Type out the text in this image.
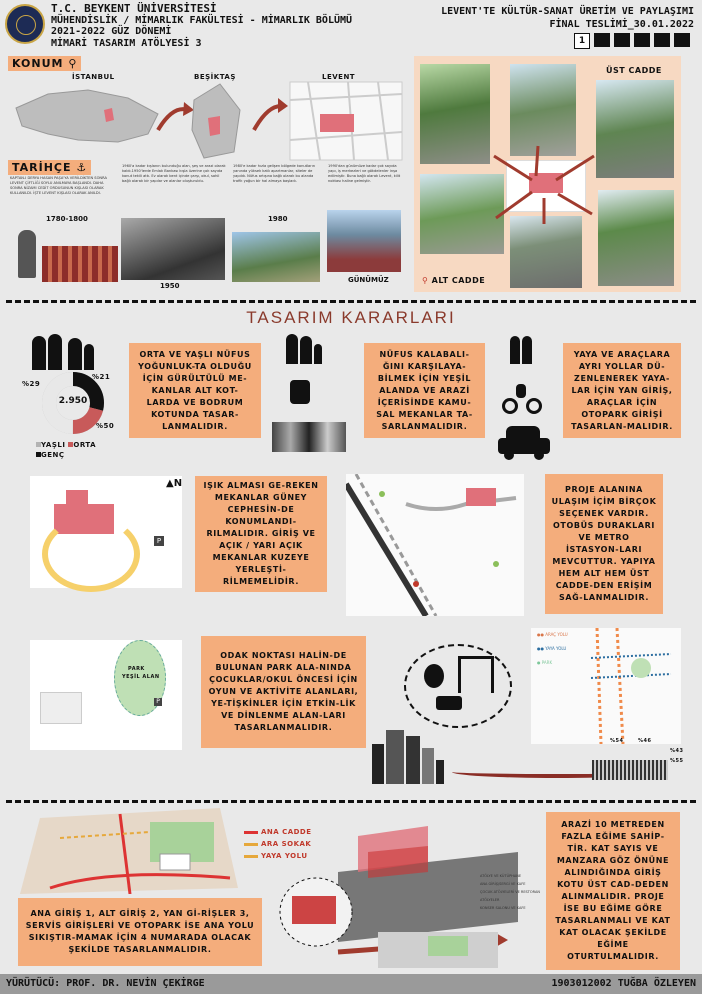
T.C. BEYKENT ÜNİVERSİTESİ
MÜHENDİSLİK / MİMARLIK FAKÜLTESİ - MİMARLIK BÖLÜMÜ
2021-2022 GÜZ DÖNEMİ
MİMARİ TASARIM ATÖLYESİ 3
LEVENT'TE KÜLTÜR-SANAT ÜRETİM VE PAYLAŞIMI
FİNAL TESLİMİ_30.01.2022
1
KONUM ⚲
İSTANBUL	BEŞİKTAŞ	LEVENT
TARİHÇE ⚓
KAPTAN-I DERYA HASAN PAŞA'YA VERİLDİKTEN SONRA LEVENT ÇİFTLİĞİ SOYLU ANILMAYA BAŞLANDI. DAHA SONRA NİZAMI CEDİT ORDUSUNUN KIŞLASI OLARAK KULLANILDI. İŞTE LEVENT KIŞLASI OLARAK ANILDI.
1960'a kadar kışlanın bulunduğu alan, şeş ve arazi olarak kaldı.1950'lerde Emlak Bankası kışla üzerine çok sayıda konut tekili attı. Ev olarak bent içinde çarşı, okul, sahil bağlı olarak bir yapılar ve alanlar oluşturuldu.
1980'e kadar hızla gelişen bölgede konutların yanında yüksek katlı apartmanlar, siteler de yapıldı. Nüfus artışına bağlı olarak bu alanda trafik yoğun bir hal almaya başladı.
1990'dan günümüze kadar çok sayıda yapı, iş merkezleri ve gökdelenler inşa edilmiştir. Buna bağlı olarak Levent, kilit noktası haline gelmiştir.
1780-1800
1950
1980
GÜNÜMÜZ
ÜST CADDE
⚲ ALT CADDE
TASARIM KARARLARI
2.950
%29
%21
%50
YAŞLI ORTA
GENÇ
ORTA VE YAŞLI NÜFUS YOĞUNLUK-TA OLDUĞU İÇİN GÜRÜLTÜLÜ ME-KANLAR ALT KOT-LARDA VE BODRUM KOTUNDA TASAR-LANMALIDIR.
NÜFUS KALABALI-ĞINI KARŞILAYA-BİLMEK İÇİN YEŞİL ALANDA VE ARAZİ İÇERİSİNDE KAMU-SAL MEKANLAR TA-SARLANMALIDIR.
YAYA VE ARAÇLARA AYRI YOLLAR DÜ-ZENLENEREK YAYA-LAR İÇİN YAN GİRİŞ, ARAÇLAR İÇİN OTOPARK GİRİŞİ TASARLAN-MALIDIR.
P
▲N	IŞIK ALMASI GE-REKEN MEKANLAR GÜNEY CEPHESİN-DE KONUMLANDI-RILMALIDIR. GİRİŞ VE AÇIK / YARI AÇIK MEKANLAR KUZEYE YERLEŞTİ-RİLMEMELİDİR.
PROJE ALANINA ULAŞIM İÇİM BİRÇOK SEÇENEK VARDIR. OTOBÜS DURAKLARI VE METRO İSTASYON-LARI MEVCUTTUR. YAPIYA HEM ALT HEM ÜST CADDE-DEN ERİŞİM SAĞ-LANMALIDIR.
PARK
YEŞİL ALAN
P
ODAK NOKTASI HALİN-DE BULUNAN PARK ALA-NINDA ÇOCUKLAR/OKUL ÖNCESİ İÇİN OYUN VE AKTİVİTE ALANLARI, YE-TİŞKİNLER İÇİN ETKİN-LİK VE DİNLENME ALAN-LARI TASARLANMALIDIR.
●● ARAÇ YOLU
●● YAYA YOLU
● PARK
%54	%46
%43
%55
ANA CADDE
ARA SOKAK
YAYA YOLU
ANA GİRİŞ 1, ALT GİRİŞ 2, YAN Gİ-RİŞLER 3, SERVİS GİRİŞLERİ VE OTOPARK İSE ANA YOLU SIKIŞTIR-MAMAK İÇİN 4 NUMARADA OLACAK ŞEKİLDE TASARLANMALIDIR.
ATÖLYE VE KÜTÜPHANE
ANA GİRİŞ/SERGİ VE KAFE
ÇOCUK ATÖLYELERİ VE RESTORAN
ATÖLYELER
KONSER SALONU VE KAFE
ARAZİ 10 METREDEN FAZLA EĞİME SAHİP-TİR. KAT SAYIS VE MANZARA GÖZ ÖNÜNE ALINDIĞINDA GİRİŞ KOTU ÜST CAD-DEDEN ALINMALIDIR. PROJE İSE BU EĞİME GÖRE TASARLANMALI VE KAT KAT OLACAK ŞEKİLDE EĞİME OTURTULMALIDIR.
YÜRÜTÜCÜ: PROF. DR. NEVİN ÇEKİRGE	1903012002 TUĞBA ÖZLEYEN
